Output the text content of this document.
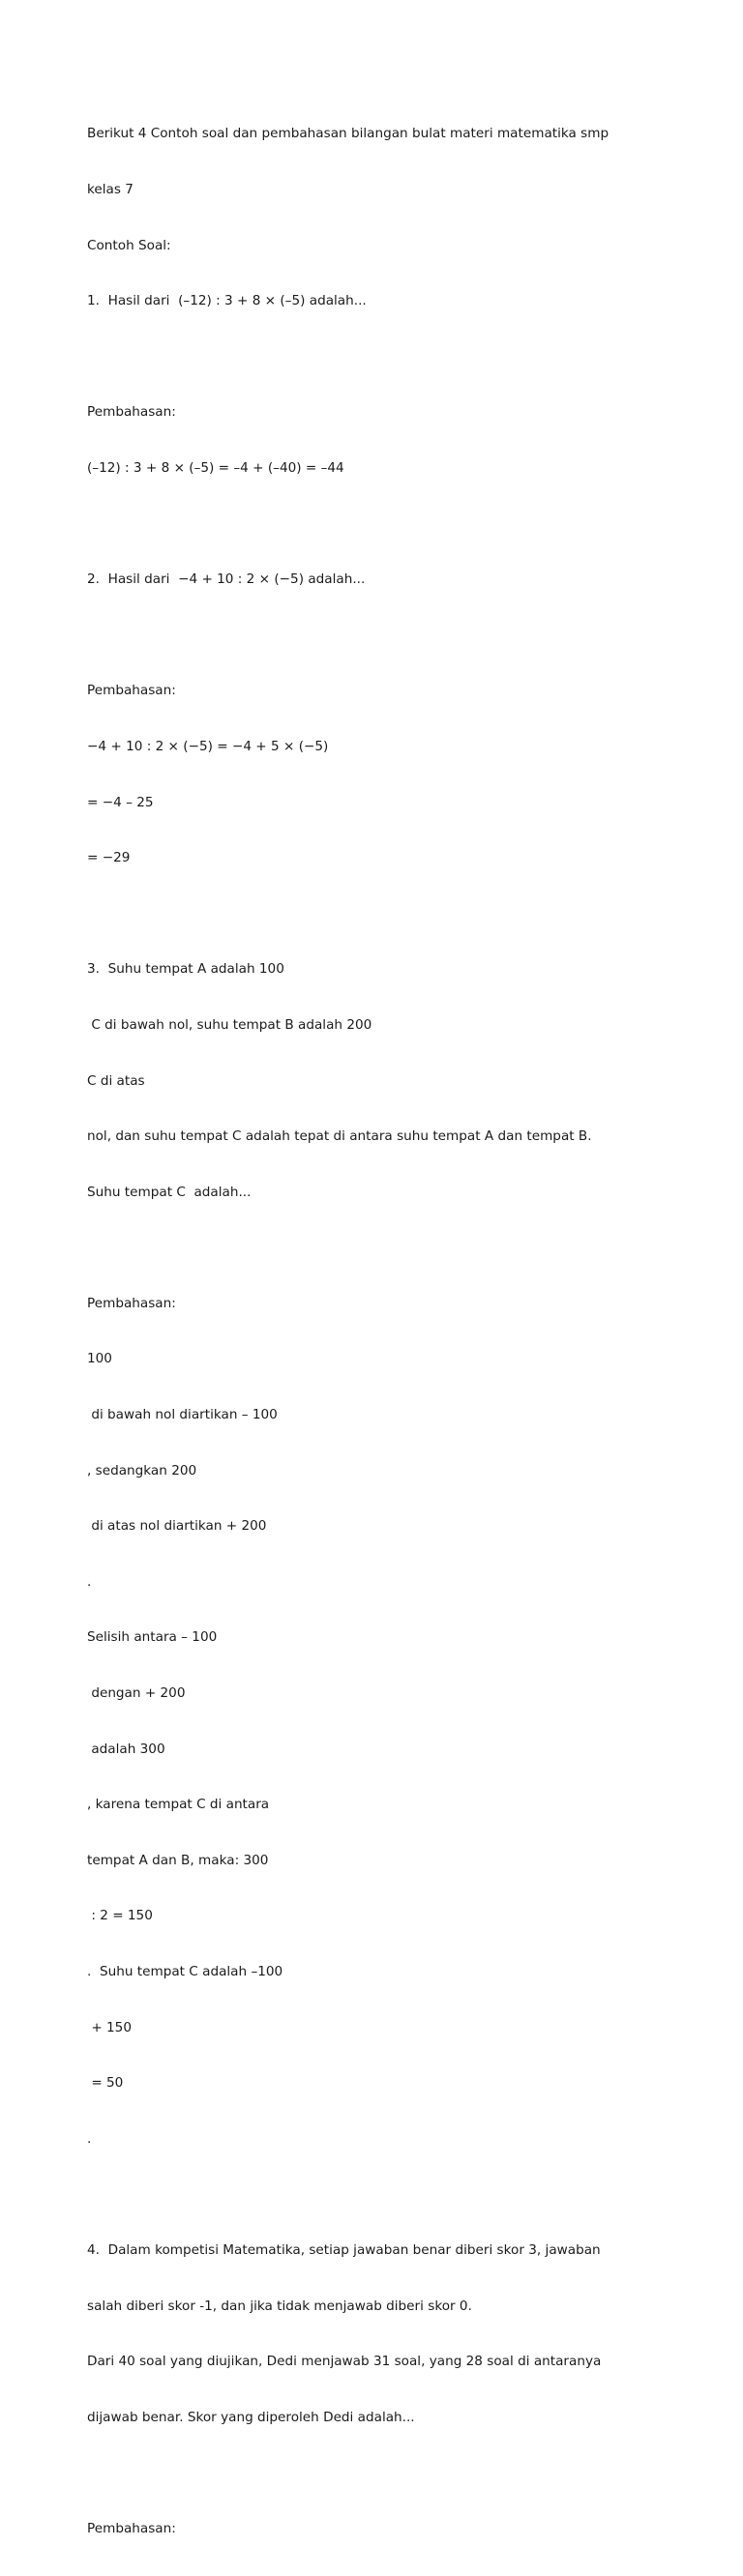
Berikut 4 Contoh soal dan pembahasan bilangan bulat materi matematika smp

kelas 7

Contoh Soal:

1.  Hasil dari  (–12) : 3 + 8 × (–5) adalah...

Pembahasan:

(–12) : 3 + 8 × (–5) = –4 + (–40) = –44

2.  Hasil dari  −4 + 10 : 2 × (−5) adalah...

Pembahasan:

−4 + 10 : 2 × (−5) = −4 + 5 × (−5)

= −4 – 25

= −29

3.  Suhu tempat A adalah 100

C di bawah nol, suhu tempat B adalah 200

C di atas

nol, dan suhu tempat C adalah tepat di antara suhu tempat A dan tempat B.

Suhu tempat C  adalah...

Pembahasan:

100

di bawah nol diartikan – 100

, sedangkan 200

di atas nol diartikan + 200

.

Selisih antara – 100

dengan + 200

adalah 300

, karena tempat C di antara

tempat A dan B, maka: 300

: 2 = 150

.  Suhu tempat C adalah –100

+ 150

= 50

.

4.  Dalam kompetisi Matematika, setiap jawaban benar diberi skor 3, jawaban

salah diberi skor -1, dan jika tidak menjawab diberi skor 0.

Dari 40 soal yang diujikan, Dedi menjawab 31 soal, yang 28 soal di antaranya

dijawab benar. Skor yang diperoleh Dedi adalah...

Pembahasan:
